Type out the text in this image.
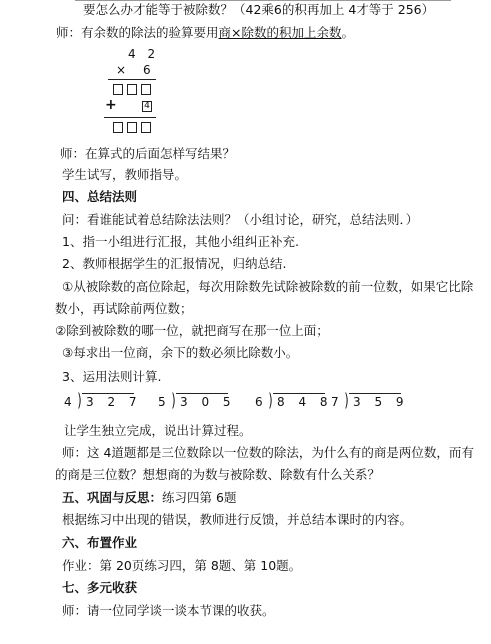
要怎么办才能等于被除数？（42乘6的积再加上 4才等于 256）
师：有余数的除法的验算要用商×除数的积加上余数。
4 2
× 6
+	4
师：在算式的后面怎样写结果？
学生试写，教师指导。
四、总结法则
问：看谁能试着总结除法法则？（小组讨论，研究，总结法则．）
1、指一小组进行汇报，其他小组纠正补充.
2、教师根据学生的汇报情况，归纳总结.
①从被除数的高位除起，每次用除数先试除被除数的前一位数，如果它比除
数小，再试除前两位数；
②除到被除数的哪一位，就把商写在那一位上面；
③每求出一位商，余下的数必须比除数小。
3、运用法则计算.
4 ) 3 2 7 5 ) 3 0 5 6 ) 8 4 8
7 ) 3 5 9
让学生独立完成，说出计算过程。
师：这 4道题都是三位数除以一位数的除法，为什么有的商是两位数，而有
的商是三位数？想想商的为数与被除数、除数有什么关系？
五、巩固与反思：练习四第 6题
根据练习中出现的错误，教师进行反馈，并总结本课时的内容。
六、布置作业
作业：第 20页练习四，第 8题、第 10题。
七、多元收获
师：请一位同学谈一谈本节课的收获。
